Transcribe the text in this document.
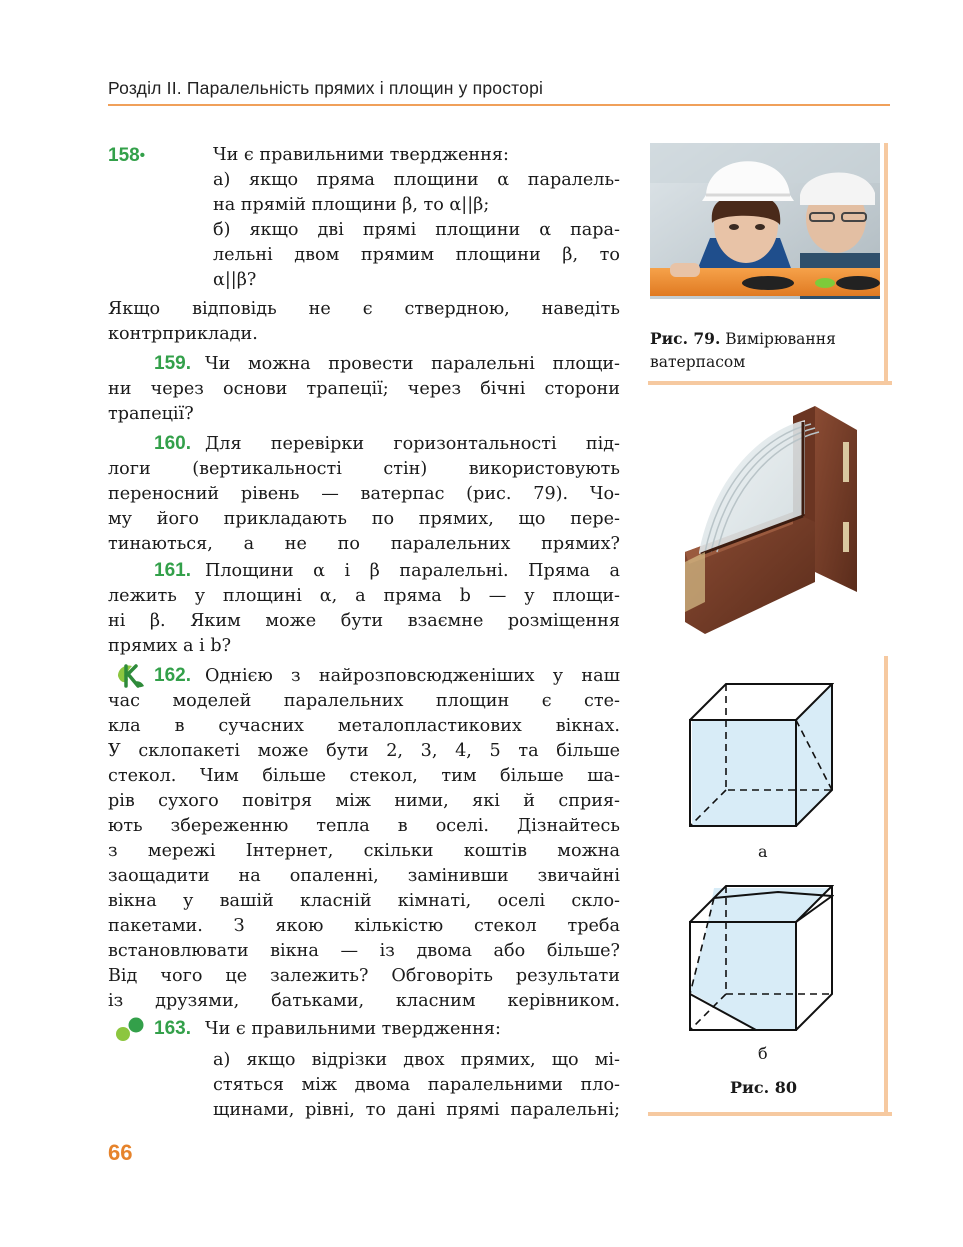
Розділ II. Паралельність прямих і площин у просторі
158•	Чи є правильними твердження:
а) якщо пряма площини α паралель-
на прямій площини β, то α||β;
б) якщо дві прямі площини α пара-
лельні двом прямим площини β, то
α||β?
Якщо відповідь не є ствердною, наведіть
контрприклади.
159. Чи можна провести паралельні площи-
ни через основи трапеції; через бічні сторони
трапеції?
160. Для перевірки горизонтальності під-
логи (вертикальності стін) використовують
переносний рівень — ватерпас (рис. 79). Чо-
му його прикладають по прямих, що пере-
тинаються, а не по паралельних прямих?
161. Площини α і β паралельні. Пряма a
лежить у площині α, а пряма b — у площи-
ні β. Яким може бути взаємне розміщення
прямих a і b?
162. Однією з найрозповсюдженіших у наш
час моделей паралельних площин є сте-
кла в сучасних металопластикових вікнах.
У склопакеті може бути 2, 3, 4, 5 та більше
стекол. Чим більше стекол, тим більше ша-
рів сухого повітря між ними, які й сприя-
ють збереженню тепла в оселі. Дізнайтесь
з мережі Інтернет, скільки коштів можна
заощадити на опаленні, замінивши звичайні
вікна у вашій класній кімнаті, оселі скло-
пакетами. З якою кількістю стекол треба
встановлювати вікна — із двома або більше?
Від чого це залежить? Обговоріть результати
із друзями, батьками, класним керівником.
163. Чи є правильними твердження:
а) якщо відрізки двох прямих, що мі-
стяться між двома паралельними пло-
щинами, рівні, то дані прямі паралельні;
Рис. 79. Вимірювання ватерпасом
а
б
Рис. 80
66
